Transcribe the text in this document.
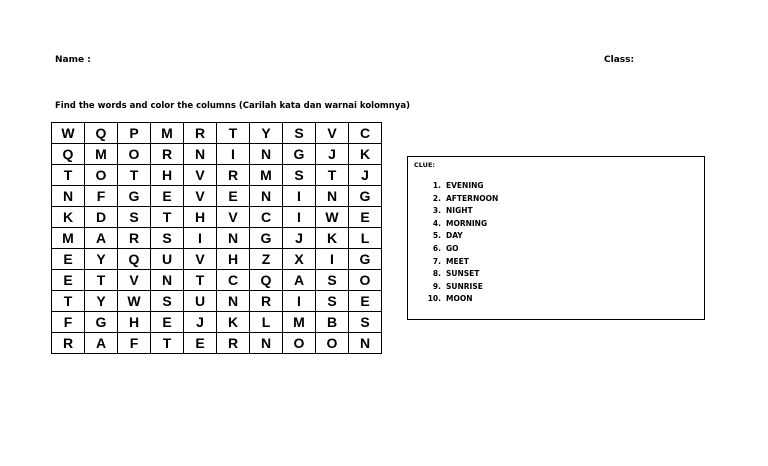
Name :	Class:
Find the words and color the columns (Carilah kata dan warnai kolomnya)
W	Q	P	M	R	T	Y	S	V	C
Q	M	O	R	N	I	N	G	J	K
T	O	T	H	V	R	M	S	T	J
N	F	G	E	V	E	N	I	N	G
K	D	S	T	H	V	C	I	W	E
M	A	R	S	I	N	G	J	K	L
E	Y	Q	U	V	H	Z	X	I	G
E	T	V	N	T	C	Q	A	S	O
T	Y	W	S	U	N	R	I	S	E
F	G	H	E	J	K	L	M	B	S
R	A	F	T	E	R	N	O	O	N
CLUE:
1. EVENING
2. AFTERNOON
3. NIGHT
4. MORNING
5. DAY
6. GO
7. MEET
8. SUNSET
9. SUNRISE
10. MOON
